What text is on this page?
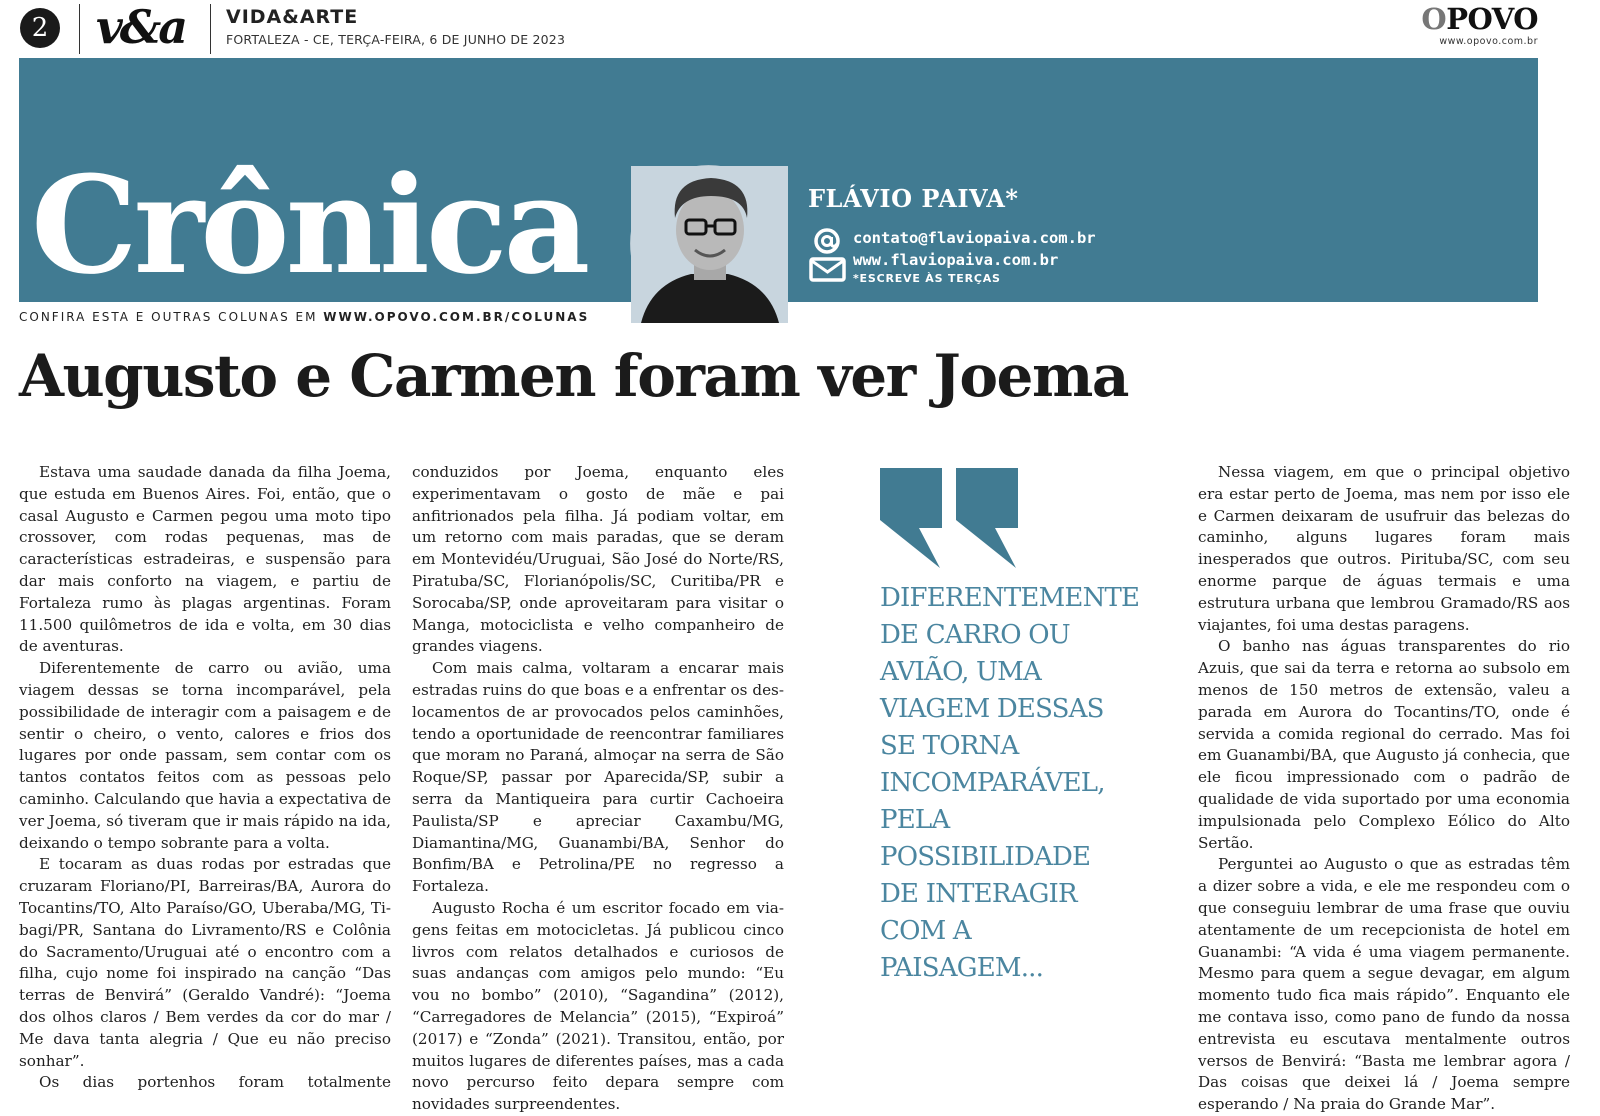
2 v&a VIDA&ARTE
FORTALEZA - CE, TERÇA-FEIRA, 6 DE JUNHO DE 2023
OPOVO
www.opovo.com.br
Crônica	FLÁVIO PAIVA*
contato@flaviopaiva.com.br
www.flaviopaiva.com.br
*ESCREVE ÀS TERÇAS
CONFIRA ESTA E OUTRAS COLUNAS EM WWW.OPOVO.COM.BR/COLUNAS
Augusto e Carmen foram ver Joema

Estava uma saudade danada da filha Joema, que estuda em Buenos Aires. Foi, então, que o casal Augusto e Carmen pegou uma moto tipo crossover, com rodas pequenas, mas de características estradeiras, e suspensão para dar mais conforto na viagem, e partiu de Fortaleza rumo às plagas argentinas. Foram 11.500 quilômetros de ida e volta, em 30 dias de aventuras.

Diferentemente de carro ou avião, uma viagem dessas se torna incomparável, pela possibilidade de interagir com a paisagem e de sentir o cheiro, o vento, calores e frios dos lugares por onde passam, sem contar com os tantos contatos feitos com as pessoas pelo caminho. Calculando que havia a expectativa de ver Joema, só tiveram que ir mais rápido na ida, deixando o tempo sobrante para a volta.

E tocaram as duas rodas por estradas que cruzaram Floriano/PI, Barreiras/BA, Aurora do Tocantins/TO, Alto Paraíso/GO, Uberaba/MG, Tibagi/PR, Santana do Livramento/RS e Colônia do Sacramento/Uruguai até o encontro com a filha, cujo nome foi inspirado na canção “Das terras de Benvirá” (Geraldo Vandré): “Joema dos olhos claros / Bem verdes da cor do mar / Me dava tanta alegria / Que eu não preciso sonhar”.

Os dias portenhos foram totalmente

conduzidos por Joema, enquanto eles experimentavam o gosto de mãe e pai anfitrionados pela filha. Já podiam voltar, em um retorno com mais paradas, que se deram em Montevidéu/Uruguai, São José do Norte/RS, Piratuba/SC, Florianópolis/SC, Curitiba/PR e Sorocaba/SP, onde aproveitaram para visitar o Manga, motociclista e velho companheiro de grandes viagens.

Com mais calma, voltaram a encarar mais estradas ruins do que boas e a enfrentar os deslocamentos de ar provocados pelos caminhões, tendo a oportunidade de reencontrar familiares que moram no Paraná, almoçar na serra de São Roque/SP, passar por Aparecida/SP, subir a serra da Mantiqueira para curtir Cachoeira Paulista/SP e apreciar Caxambu/MG, Diamantina/MG, Guanambi/BA, Senhor do Bonfim/BA e Petrolina/PE no regresso a Fortaleza.

Augusto Rocha é um escritor focado em viagens feitas em motocicletas. Já publicou cinco livros com relatos detalhados e curiosos de suas andanças com amigos pelo mundo: “Eu vou no bombo” (2010), “Sagandina” (2012), “Carregadores de Melancia” (2015), “Expiroá” (2017) e “Zonda” (2021). Transitou, então, por muitos lugares de diferentes países, mas a cada novo percurso feito depara sempre com novidades surpreendentes.

DIFERENTEMENTE DE CARRO OU AVIÃO, UMA VIAGEM DESSAS SE TORNA INCOMPARÁVEL, PELA POSSIBILIDADE DE INTERAGIR COM A PAISAGEM...

Nessa viagem, em que o principal objetivo era estar perto de Joema, mas nem por isso ele e Carmen deixaram de usufruir das belezas do caminho, alguns lugares foram mais inesperados que outros. Pirituba/SC, com seu enorme parque de águas termais e uma estrutura urbana que lembrou Gramado/RS aos viajantes, foi uma destas paragens.

O banho nas águas transparentes do rio Azuis, que sai da terra e retorna ao subsolo em menos de 150 metros de extensão, valeu a parada em Aurora do Tocantins/TO, onde é servida a comida regional do cerrado. Mas foi em Guanambi/BA, que Augusto já conhecia, que ele ficou impressionado com o padrão de qualidade de vida suportado por uma economia impulsionada pelo Complexo Eólico do Alto Sertão.

Perguntei ao Augusto o que as estradas têm a dizer sobre a vida, e ele me respondeu com o que conseguiu lembrar de uma frase que ouviu atentamente de um recepcionista de hotel em Guanambi: “A vida é uma viagem permanente. Mesmo para quem a segue devagar, em algum momento tudo fica mais rápido”. Enquanto ele me contava isso, como pano de fundo da nossa entrevista eu escutava mentalmente outros versos de Benvirá: “Basta me lembrar agora / Das coisas que deixei lá / Joema sempre esperando / Na praia do Grande Mar”.
